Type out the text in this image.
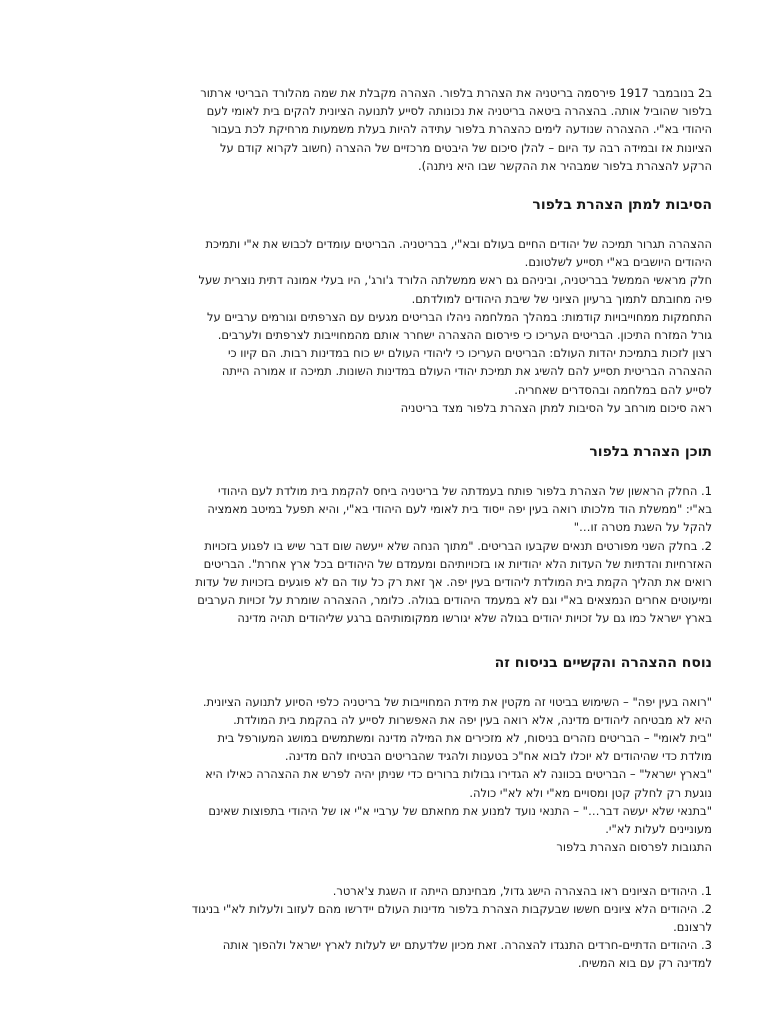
ב2 בנובמבר 1917 פירסמה בריטניה את הצהרת בלפור. הצהרה מקבלת את שמה מהלורד הבריטי ארתור
בלפור שהוביל אותה. בהצהרה ביטאה בריטניה את נכונותה לסייע לתנועה הציונית להקים בית לאומי לעם
היהודי בא"י. ההצהרה שנודעה לימים כהצהרת בלפור עתידה להיות בעלת משמעות מרחיקת לכת בעבור
הציונות אז ובמידה רבה עד היום – להלן סיכום של היבטים מרכזיים של ההצרה (חשוב לקרוא קודם על
הרקע להצהרת בלפור שמבהיר את ההקשר שבו היא ניתנה).

הסיבות למתן הצהרת בלפור

ההצהרה תגרור תמיכה של יהודים החיים בעולם ובא"י, בבריטניה. הבריטים עומדים לכבוש את א"י ותמיכת
היהודים היושבים בא"י תסייע לשלטונם.
חלק מראשי הממשל בבריטניה, וביניהם גם ראש ממשלתה הלורד ג'ורג', היו בעלי אמונה דתית נוצרית שעל
פיה מחובתם לתמוך ברעיון הציוני של שיבת היהודים למולדתם.
התחמקות ממחוייבויות קודמות: במהלך המלחמה ניהלו הבריטים מגעים עם הצרפתים וגורמים ערביים על
גורל המזרח התיכון. הבריטים העריכו כי פירסום ההצהרה ישחרר אותם מהמחוייבות לצרפתים ולערבים.
רצון לזכות בתמיכת יהדות העולם: הבריטים העריכו כי ליהודי העולם יש כוח במדינות רבות. הם קיוו כי
ההצהרה הבריטית תסייע להם להשיג את תמיכת יהודי העולם במדינות השונות. תמיכה זו אמורה הייתה
לסייע להם במלחמה ובהסדרים שאחריה.
ראה סיכום מורחב על הסיבות למתן הצהרת בלפור מצד בריטניה

תוכן הצהרת בלפור

1. החלק הראשון של הצהרת בלפור פותח בעמדתה של בריטניה ביחס להקמת בית מולדת לעם היהודי
בא"י: "ממשלת הוד מלכותו רואה בעין יפה ייסוד בית לאומי לעם היהודי בא"י, והיא תפעל במיטב מאמציה
להקל על השגת מטרה זו…"
2. בחלק השני מפורטים תנאים שקבעו הבריטים. "מתוך הנחה שלא ייעשה שום דבר שיש בו לפגוע בזכויות
האזרחיות והדתיות של העדות הלא יהודיות או בזכויותיהם ומעמדם של היהודים בכל ארץ אחרת". הבריטים
רואים את תהליך הקמת בית המולדת ליהודים בעין יפה. אך זאת רק כל עוד הם לא פוגעים בזכויות של עדות
ומיעוטים אחרים הנמצאים בא"י וגם לא במעמד היהודים בגולה. כלומר, ההצהרה שומרת על זכויות הערבים
בארץ ישראל כמו גם על זכויות יהודים בגולה שלא יגורשו ממקומותיהם ברגע שליהודים תהיה מדינה

נוסח ההצהרה והקשיים בניסוח זה

"רואה בעין יפה" – השימוש בביטוי זה מקטין את מידת המחוייבות של בריטניה כלפי הסיוע לתנועה הציונית.
היא לא מבטיחה ליהודים מדינה, אלא רואה בעין יפה את האפשרות לסייע לה בהקמת בית המולדת.
"בית לאומי" – הבריטים נזהרים בניסוח, לא מזכירים את המילה מדינה ומשתמשים במושג המעורפל בית
מולדת כדי שהיהודים לא יוכלו לבוא אח"כ בטענות ולהגיד שהבריטים הבטיחו להם מדינה.
"בארץ ישראל" – הבריטים בכוונה לא הגדירו גבולות ברורים כדי שניתן יהיה לפרש את ההצהרה כאילו היא
נוגעת רק לחלק קטן ומסויים מא"י ולא לא"י כולה.
"בתנאי שלא יעשה דבר…" – התנאי נועד למנוע את מחאתם של ערביי א"י או של היהודי בתפוצות שאינם
מעוניינים לעלות לא"י.
התגובות לפרסום הצהרת בלפור

1. היהודים הציונים ראו בהצהרה הישג גדול, מבחינתם הייתה זו השגת צ'ארטר.
2. היהודים הלא ציונים חששו שבעקבות הצהרת בלפור מדינות העולם יידרשו מהם לעזוב ולעלות לא"י בניגוד
לרצונם.
3. היהודים הדתיים-חרדים התנגדו להצהרה. זאת מכיון שלדעתם יש לעלות לארץ ישראל ולהפוך אותה
למדינה רק עם בוא המשיח.
